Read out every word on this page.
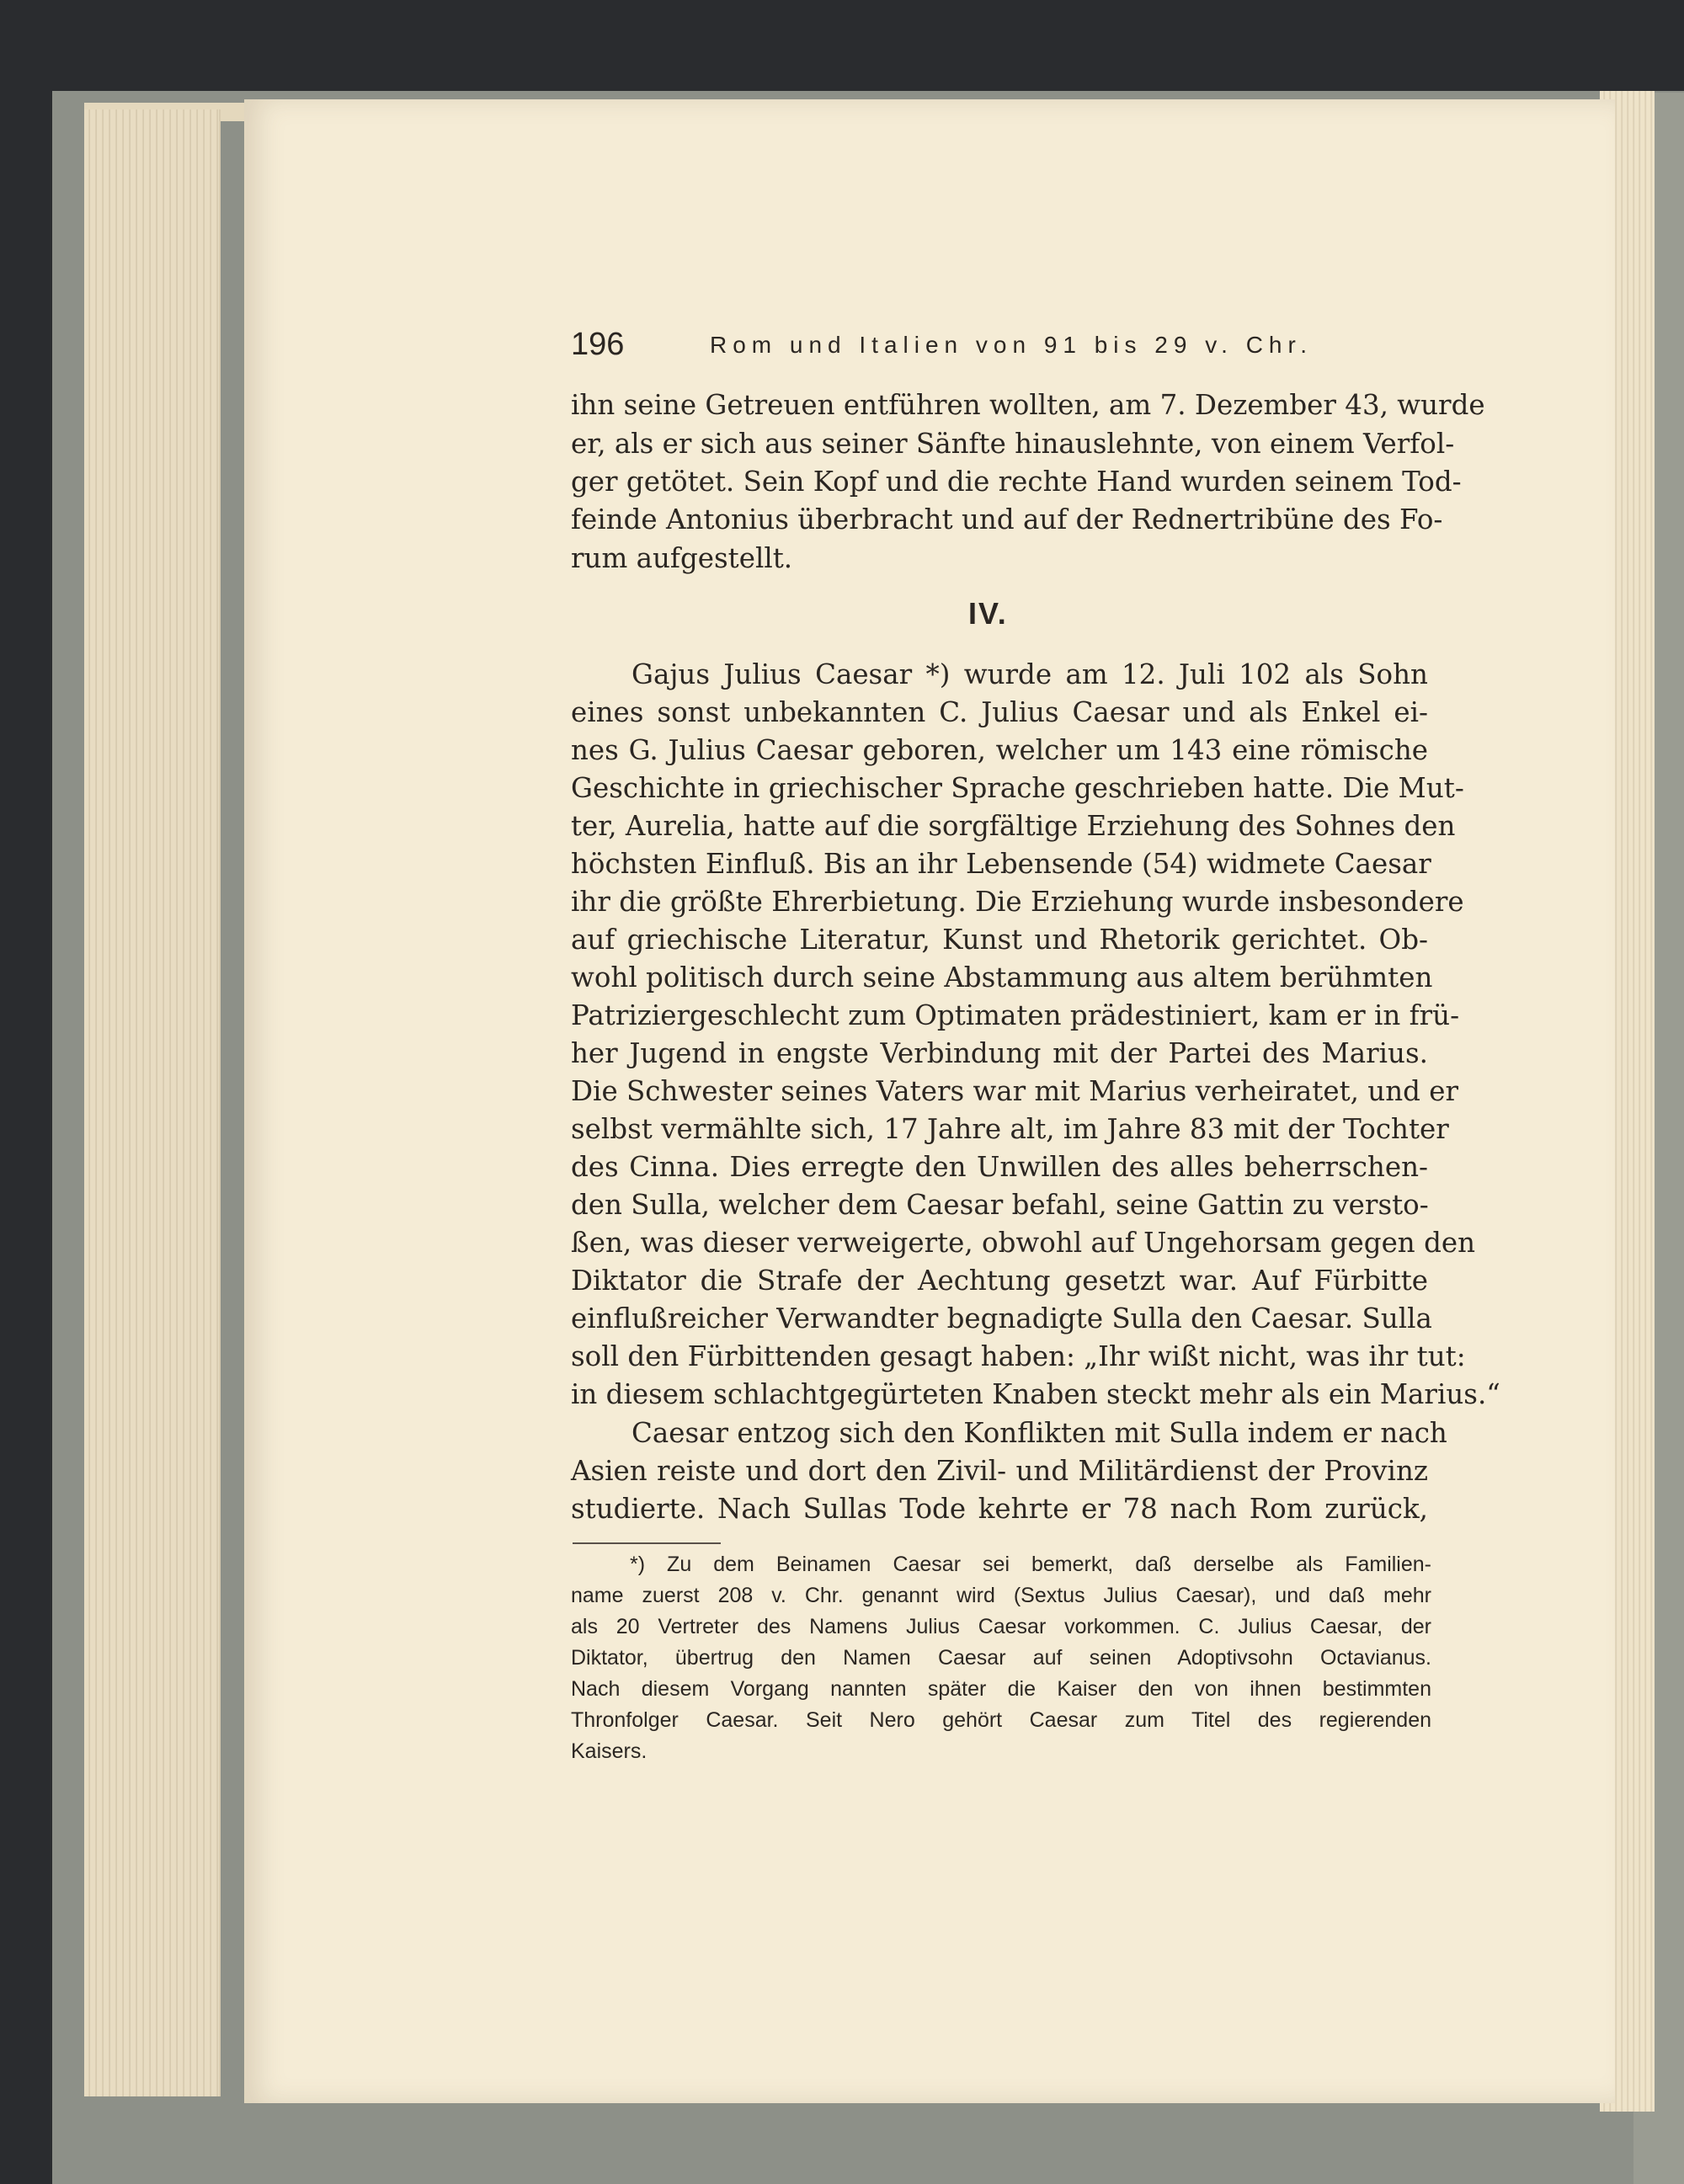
196	Rom und Italien von 91 bis 29 v. Chr.
ihn seine Getreuen entführen wollten, am 7. Dezember 43, wurde
er, als er sich aus seiner Sänfte hinauslehnte, von einem Verfol-
ger getötet. Sein Kopf und die rechte Hand wurden seinem Tod-
feinde Antonius überbracht und auf der Rednertribüne des Fo-
rum aufgestellt.
IV.
Gajus Julius Caesar *) wurde am 12. Juli 102 als Sohn
eines sonst unbekannten C. Julius Caesar und als Enkel ei-
nes G. Julius Caesar geboren, welcher um 143 eine römische
Geschichte in griechischer Sprache geschrieben hatte. Die Mut-
ter, Aurelia, hatte auf die sorgfältige Erziehung des Sohnes den
höchsten Einfluß. Bis an ihr Lebensende (54) widmete Caesar
ihr die größte Ehrerbietung. Die Erziehung wurde insbesondere
auf griechische Literatur, Kunst und Rhetorik gerichtet. Ob-
wohl politisch durch seine Abstammung aus altem berühmten
Patriziergeschlecht zum Optimaten prädestiniert, kam er in frü-
her Jugend in engste Verbindung mit der Partei des Marius.
Die Schwester seines Vaters war mit Marius verheiratet, und er
selbst vermählte sich, 17 Jahre alt, im Jahre 83 mit der Tochter
des Cinna. Dies erregte den Unwillen des alles beherrschen-
den Sulla, welcher dem Caesar befahl, seine Gattin zu versto-
ßen, was dieser verweigerte, obwohl auf Ungehorsam gegen den
Diktator die Strafe der Aechtung gesetzt war. Auf Fürbitte
einflußreicher Verwandter begnadigte Sulla den Caesar. Sulla
soll den Fürbittenden gesagt haben: „Ihr wißt nicht, was ihr tut:
in diesem schlachtgegürteten Knaben steckt mehr als ein Marius.“
Caesar entzog sich den Konflikten mit Sulla indem er nach
Asien reiste und dort den Zivil- und Militärdienst der Provinz
studierte. Nach Sullas Tode kehrte er 78 nach Rom zurück,
*) Zu dem Beinamen Caesar sei bemerkt, daß derselbe als Familien-
name zuerst 208 v. Chr. genannt wird (Sextus Julius Caesar), und daß mehr
als 20 Vertreter des Namens Julius Caesar vorkommen. C. Julius Caesar, der
Diktator, übertrug den Namen Caesar auf seinen Adoptivsohn Octavianus.
Nach diesem Vorgang nannten später die Kaiser den von ihnen bestimmten
Thronfolger Caesar. Seit Nero gehört Caesar zum Titel des regierenden
Kaisers.
